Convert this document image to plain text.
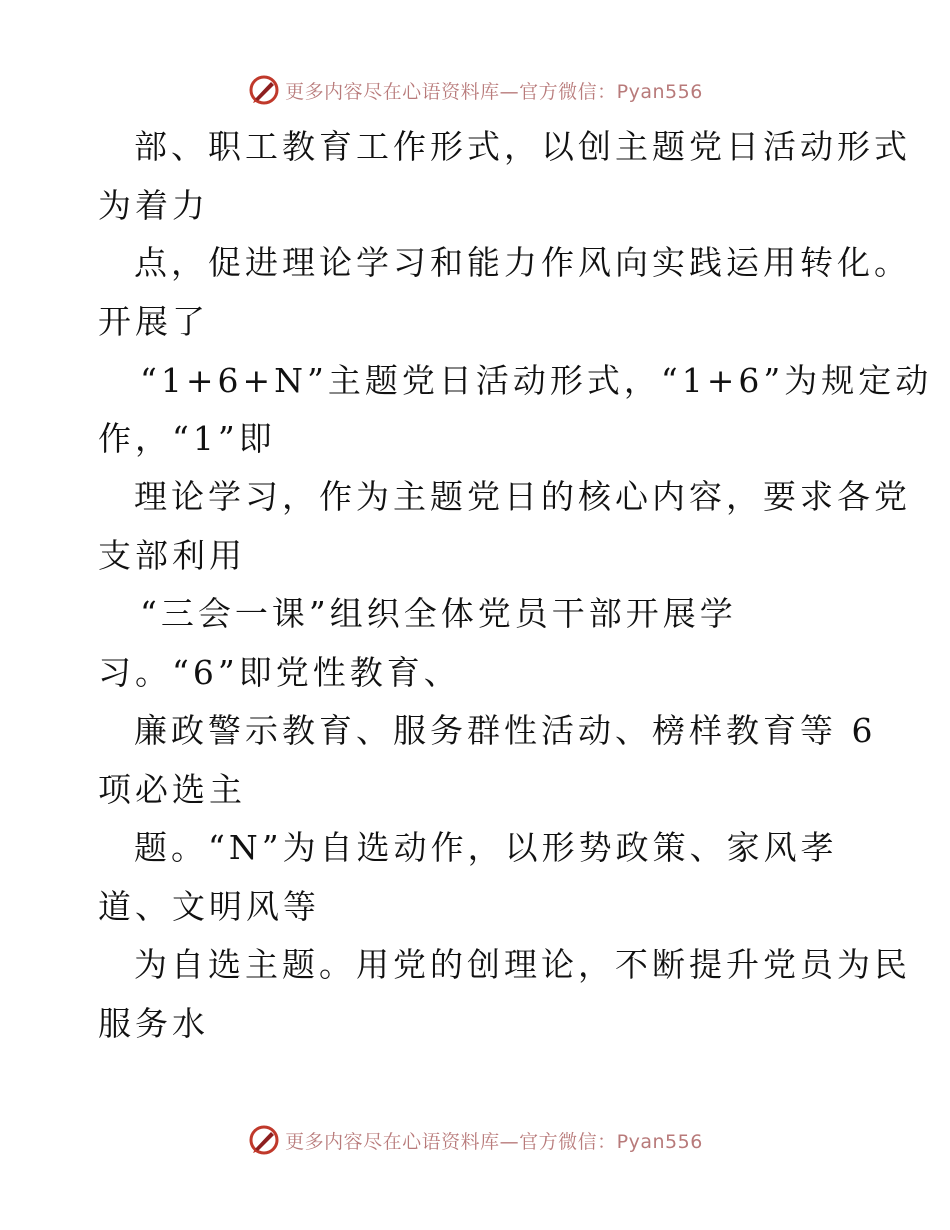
更多内容尽在心语资料库—官方微信：Pyan556
部、职工教育工作形式，以创主题党日活动形式
为着力
点，促进理论学习和能力作风向实践运用转化。
开展了
“1+6+N”主题党日活动形式，“1+6”为规定动
作，“1”即
理论学习，作为主题党日的核心内容，要求各党
支部利用
“三会一课”组织全体党员干部开展学
习。“6”即党性教育、
廉政警示教育、服务群性活动、榜样教育等 6
项必选主
题。“N”为自选动作，以形势政策、家风孝
道、文明风等
为自选主题。用党的创理论，不断提升党员为民
服务水
更多内容尽在心语资料库—官方微信：Pyan556
